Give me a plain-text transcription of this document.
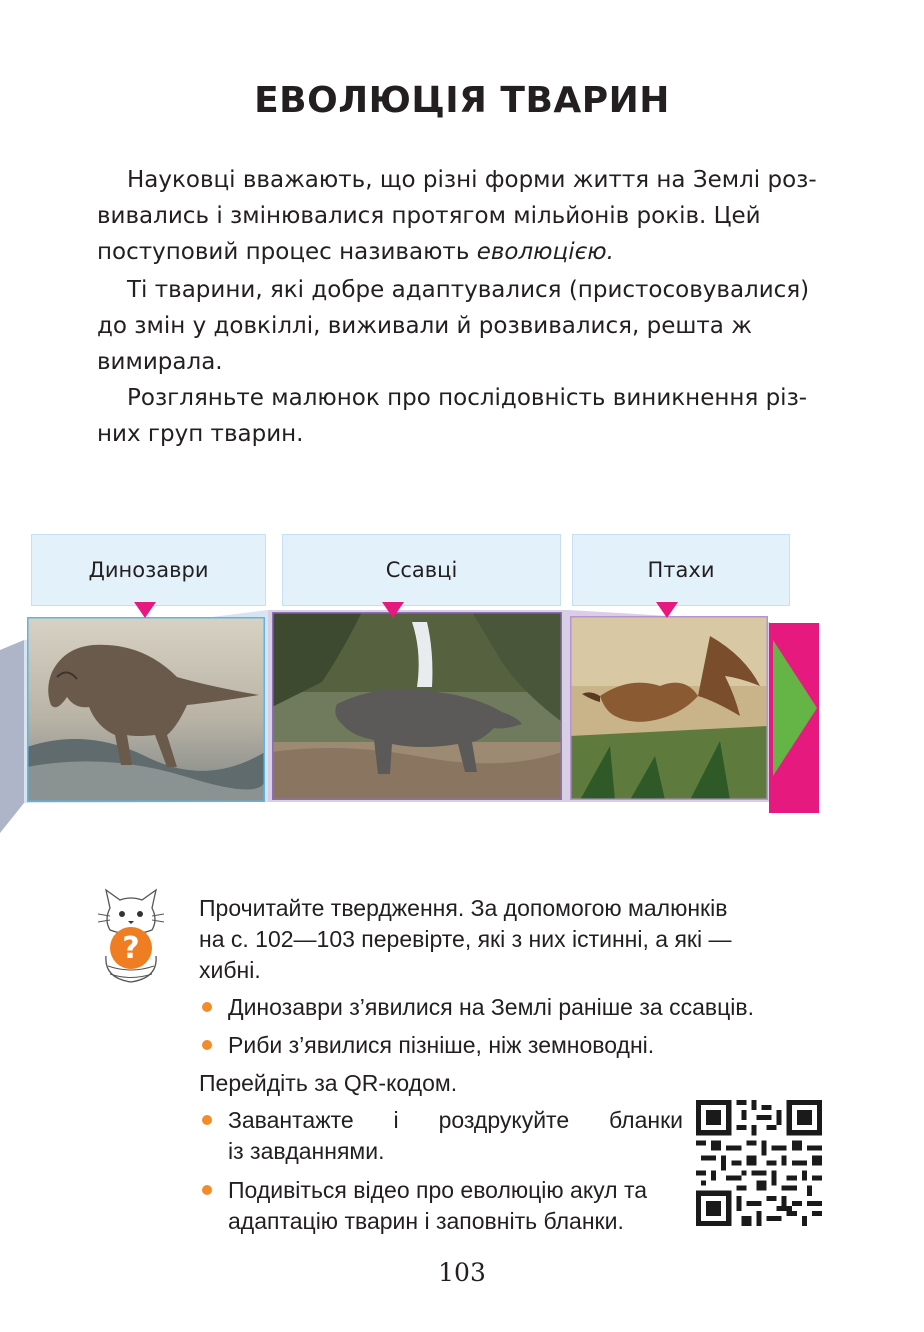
ЕВОЛЮЦІЯ ТВАРИН
Науковці вважають, що різні форми життя на Землі роз-
вивались і змінювалися протягом мільйонів років. Цей
поступовий процес називають еволюцією.
Ті тварини, які добре адаптувалися (пристосовувалися)
до змін у довкіллі, виживали й розвивалися, решта ж
вимирала.
Розгляньте малюнок про послідовність виникнення різ-
них груп тварин.
Динозаври	Ссавці	Птахи
?
Прочитайте твердження. За допомогою малюнків
на с. 102—103 перевірте, які з них істинні, а які —
хибні.
Динозаври з’явилися на Землі раніше за ссавців.
Риби з’явилися пізніше, ніж земноводні.
Перейдіть за QR-кодом.
Завантажте і роздрукуйте бланки
із завданнями.
Подивіться відео про еволюцію акул та
адаптацію тварин і заповніть бланки.
103
